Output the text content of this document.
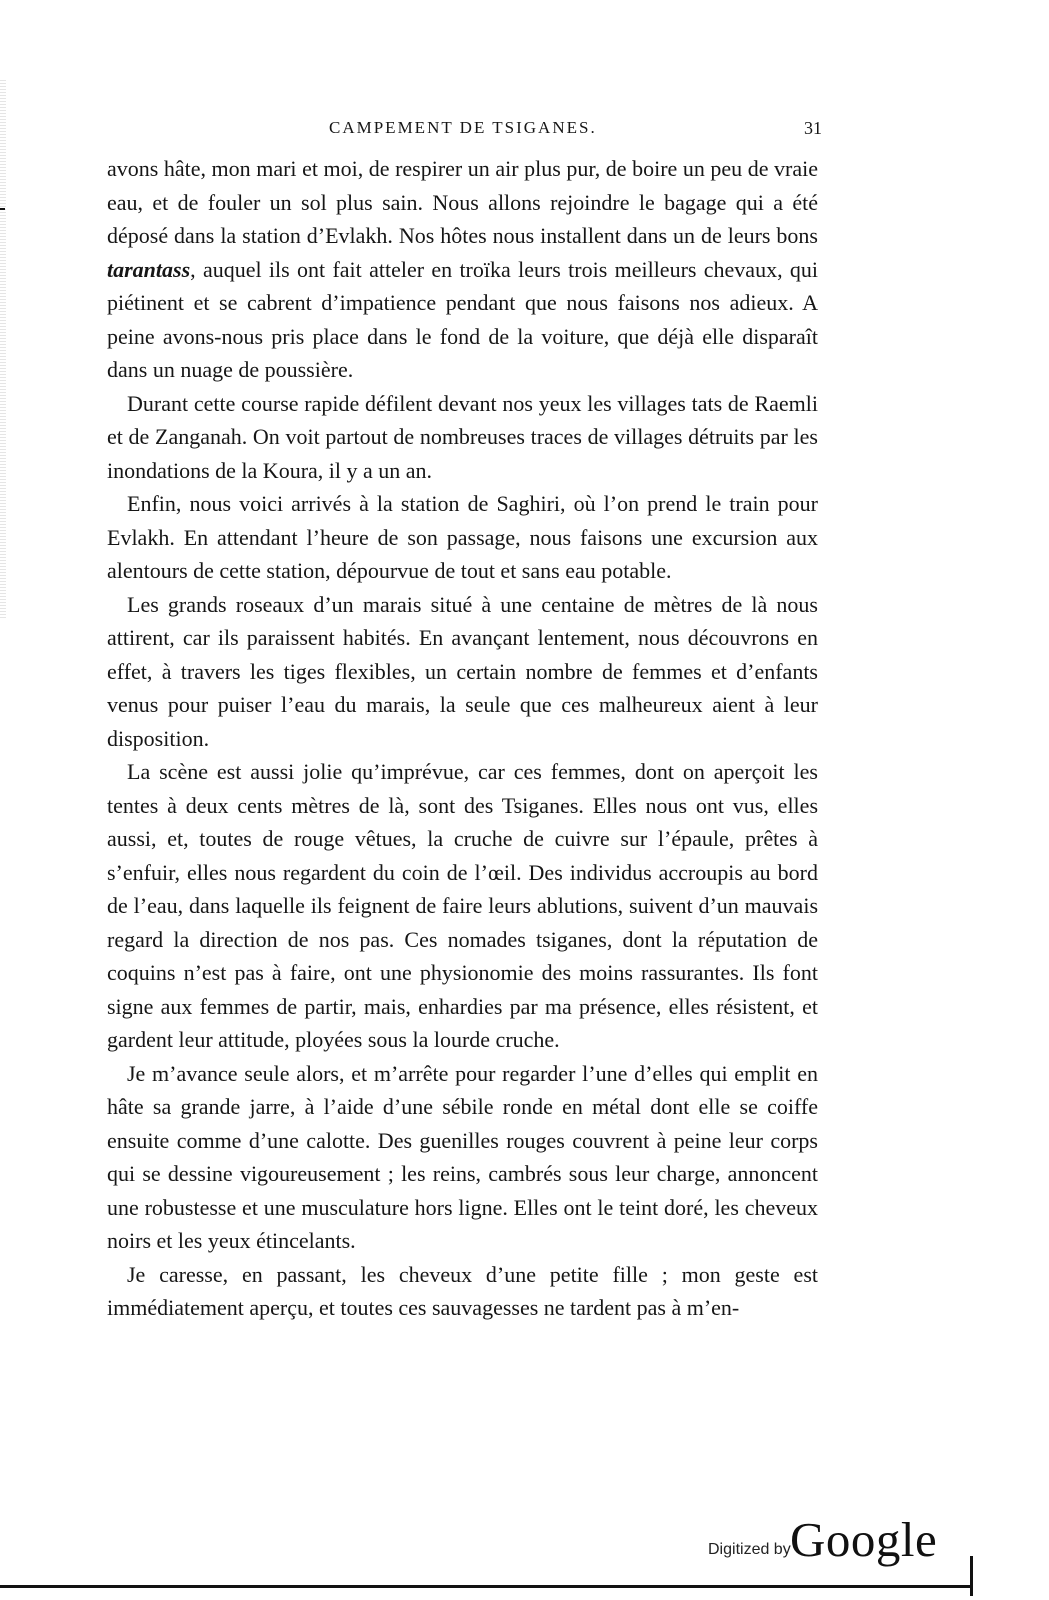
CAMPEMENT DE TSIGANES.	31

avons hâte, mon mari et moi, de respirer un air plus pur, de boire un peu de vraie eau, et de fouler un sol plus sain. Nous allons rejoindre le bagage qui a été déposé dans la station d’Evlakh. Nos hôtes nous installent dans un de leurs bons tarantass, auquel ils ont fait atteler en troïka leurs trois meilleurs chevaux, qui piétinent et se cabrent d’impatience pendant que nous faisons nos adieux. A peine avons-nous pris place dans le fond de la voiture, que déjà elle disparaît dans un nuage de poussière.

Durant cette course rapide défilent devant nos yeux les villages tats de Raemli et de Zanganah. On voit partout de nombreuses traces de villages détruits par les inondations de la Koura, il y a un an.

Enfin, nous voici arrivés à la station de Saghiri, où l’on prend le train pour Evlakh. En attendant l’heure de son passage, nous faisons une excursion aux alentours de cette station, dépourvue de tout et sans eau potable.

Les grands roseaux d’un marais situé à une centaine de mètres de là nous attirent, car ils paraissent habités. En avançant lentement, nous découvrons en effet, à travers les tiges flexibles, un certain nombre de femmes et d’enfants venus pour puiser l’eau du marais, la seule que ces malheureux aient à leur disposition.

La scène est aussi jolie qu’imprévue, car ces femmes, dont on aperçoit les tentes à deux cents mètres de là, sont des Tsiganes. Elles nous ont vus, elles aussi, et, toutes de rouge vêtues, la cruche de cuivre sur l’épaule, prêtes à s’enfuir, elles nous regardent du coin de l’œil. Des individus accroupis au bord de l’eau, dans laquelle ils feignent de faire leurs ablutions, suivent d’un mauvais regard la direction de nos pas. Ces nomades tsiganes, dont la réputation de coquins n’est pas à faire, ont une physionomie des moins rassurantes. Ils font signe aux femmes de partir, mais, enhardies par ma présence, elles résistent, et gardent leur attitude, ployées sous la lourde cruche.

Je m’avance seule alors, et m’arrête pour regarder l’une d’elles qui emplit en hâte sa grande jarre, à l’aide d’une sébile ronde en métal dont elle se coiffe ensuite comme d’une calotte. Des guenilles rouges couvrent à peine leur corps qui se dessine vigoureusement ; les reins, cambrés sous leur charge, annoncent une robustesse et une musculature hors ligne. Elles ont le teint doré, les cheveux noirs et les yeux étincelants.

Je caresse, en passant, les cheveux d’une petite fille ; mon geste est immédiatement aperçu, et toutes ces sauvagesses ne tardent pas à m’en-

Digitized by Google
